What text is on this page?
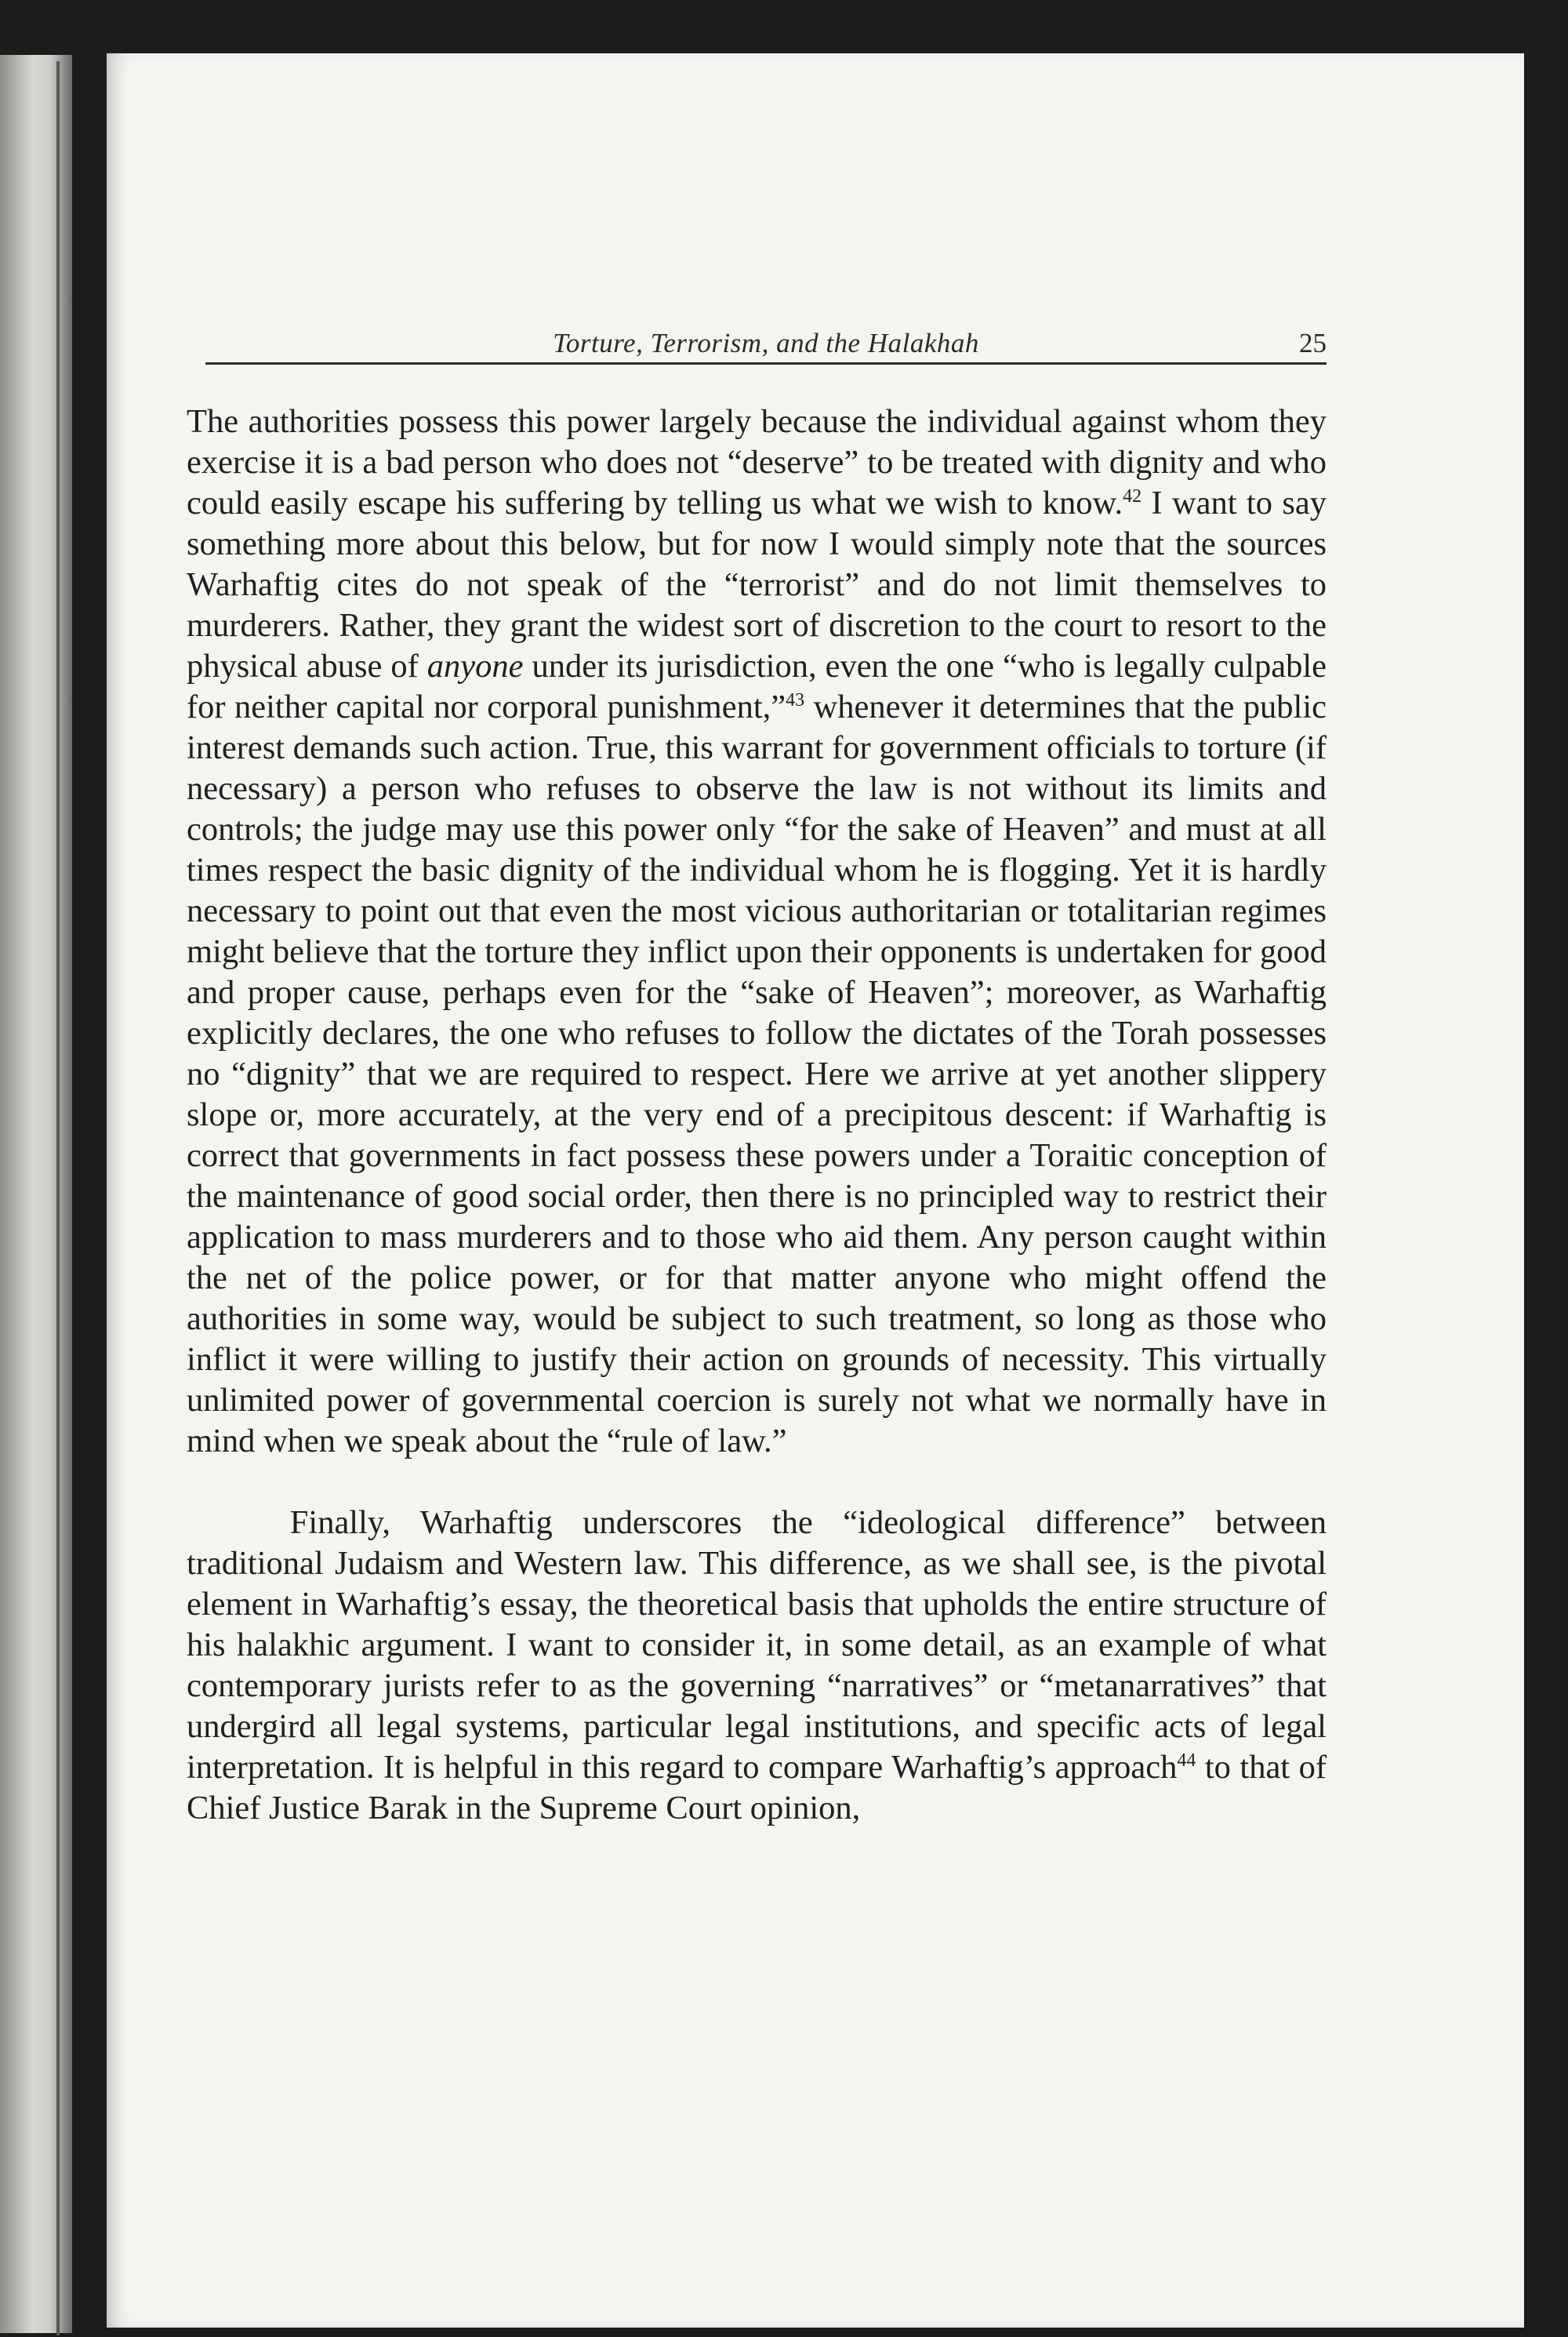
Torture, Terrorism, and the Halakhah	25

The authorities possess this power largely because the individual against whom they exercise it is a bad person who does not “deserve” to be treated with dignity and who could easily escape his suffering by telling us what we wish to know.$^{42}$ I want to say something more about this below, but for now I would simply note that the sources Warhaftig cites do not speak of the “terrorist” and do not limit themselves to murderers. Rather, they grant the widest sort of discretion to the court to resort to the physical abuse of anyone under its jurisdiction, even the one “who is legally culpable for neither capital nor corporal punishment,”$^{43}$ whenever it determines that the public interest demands such action. True, this warrant for government officials to torture (if necessary) a person who refuses to observe the law is not without its limits and controls; the judge may use this power only “for the sake of Heaven” and must at all times respect the basic dignity of the individual whom he is flogging. Yet it is hardly necessary to point out that even the most vicious authoritarian or totalitarian regimes might believe that the torture they inflict upon their opponents is undertaken for good and proper cause, perhaps even for the “sake of Heaven”; moreover, as Warhaftig explicitly declares, the one who refuses to follow the dictates of the Torah possesses no “dignity” that we are required to respect. Here we arrive at yet another slippery slope or, more accurately, at the very end of a precipitous descent: if Warhaftig is correct that governments in fact possess these powers under a Toraitic conception of the maintenance of good social order, then there is no principled way to restrict their application to mass murderers and to those who aid them. Any person caught within the net of the police power, or for that matter anyone who might offend the authorities in some way, would be subject to such treatment, so long as those who inflict it were willing to justify their action on grounds of necessity. This virtually unlimited power of governmental coercion is surely not what we normally have in mind when we speak about the “rule of law.”

Finally, Warhaftig underscores the “ideological difference” between traditional Judaism and Western law. This difference, as we shall see, is the pivotal element in Warhaftig’s essay, the theoretical basis that upholds the entire structure of his halakhic argument. I want to consider it, in some detail, as an example of what contemporary jurists refer to as the governing “narratives” or “metanarratives” that undergird all legal systems, particular legal institutions, and specific acts of legal interpretation. It is helpful in this regard to compare Warhaftig’s approach$^{44}$ to that of Chief Justice Barak in the Supreme Court opinion,
